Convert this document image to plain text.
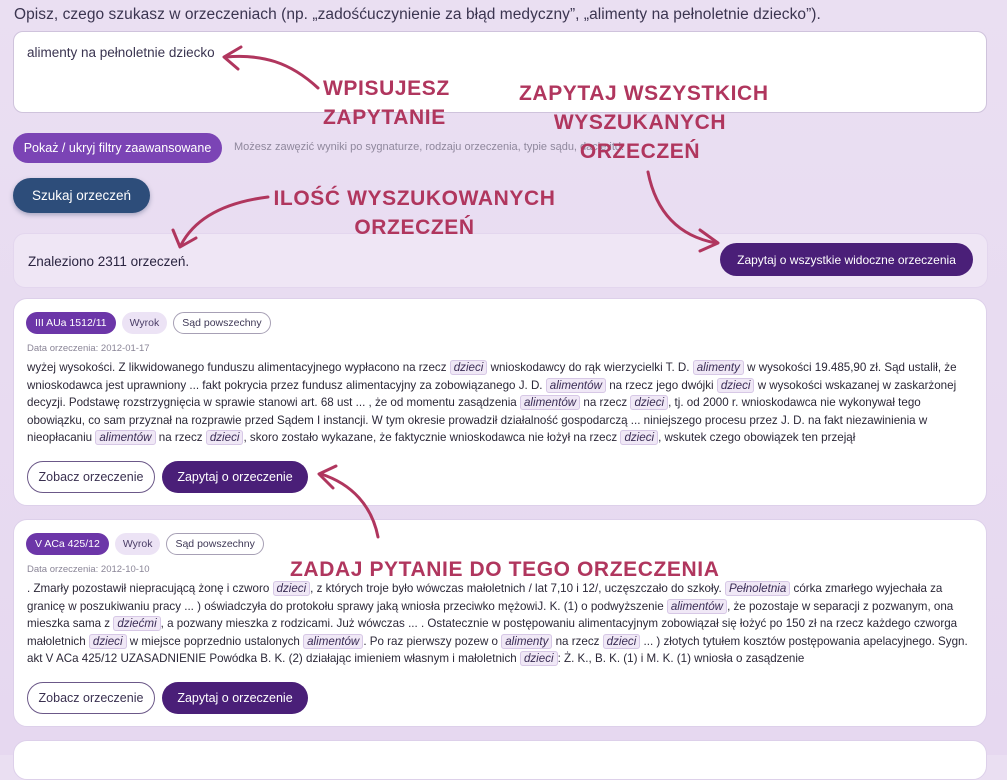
Opisz, czego szukasz w orzeczeniach (np. „zadośćuczynienie za błąd medyczny”, „alimenty na pełnoletnie dziecko”).
alimenty na pełnoletnie dziecko
Pokaż / ukryj filtry zaawansowane	Możesz zawęzić wyniki po sygnaturze, rodzaju orzeczenia, typie sądu, dacie itd.
Szukaj orzeczeń
Znaleziono 2311 orzeczeń.	Zapytaj o wszystkie widoczne orzeczenia
III AUa 1512/11	Wyrok	Sąd powszechny
Data orzeczenia: 2012-01-17
wyżej wysokości. Z likwidowanego funduszu alimentacyjnego wypłacono na rzecz dzieci wnioskodawcy do rąk wierzycielki T. D. alimenty w wysokości 19.485,90 zł. Sąd ustalił, że wnioskodawca jest uprawniony ... fakt pokrycia przez fundusz alimentacyjny za zobowiązanego J. D. alimentów na rzecz jego dwójki dzieci w wysokości wskazanej w zaskarżonej decyzji. Podstawę rozstrzygnięcia w sprawie stanowi art. 68 ust ... , że od momentu zasądzenia alimentów na rzecz dzieci , tj. od 2000 r. wnioskodawca nie wykonywał tego obowiązku, co sam przyznał na rozprawie przed Sądem I instancji. W tym okresie prowadził działalność gospodarczą ... niniejszego procesu przez J. D. na fakt niezawinienia w nieopłacaniu alimentów na rzecz dzieci , skoro zostało wykazane, że faktycznie wnioskodawca nie łożył na rzecz dzieci , wskutek czego obowiązek ten przejął
Zobacz orzeczenie	Zapytaj o orzeczenie
V ACa 425/12	Wyrok	Sąd powszechny
Data orzeczenia: 2012-10-10
. Zmarły pozostawił niepracującą żonę i czworo dzieci , z których troje było wówczas małoletnich / lat 7,10 i 12/, uczęszczało do szkoły. Pełnoletnia córka zmarłego wyjechała za granicę w poszukiwaniu pracy ... ) oświadczyła do protokołu sprawy jaką wniosła przeciwko mężowiJ. K. (1) o podwyższenie alimentów , że pozostaje w separacji z pozwanym, ona mieszka sama z dziećmi , a pozwany mieszka z rodzicami. Już wówczas ... . Ostatecznie w postępowaniu alimentacyjnym zobowiązał się łożyć po 150 zł na rzecz każdego czworga małoletnich dzieci w miejsce poprzednio ustalonych alimentów . Po raz pierwszy pozew o alimenty na rzecz dzieci ... ) złotych tytułem kosztów postępowania apelacyjnego. Sygn. akt V ACa 425/12 UZASADNIENIE Powódka B. K. (2) działając imieniem własnym i małoletnich dzieci : Ż. K., B. K. (1) i M. K. (1) wniosła o zasądzenie
Zobacz orzeczenie	Zapytaj o orzeczenie
WPISUJESZ
ZAPYTANIE
ZAPYTAJ WSZYSTKICH
WYSZUKANYCH
ORZECZEŃ
ILOŚĆ WYSZUKOWANYCH
ORZECZEŃ
ZADAJ PYTANIE DO TEGO ORZECZENIA
